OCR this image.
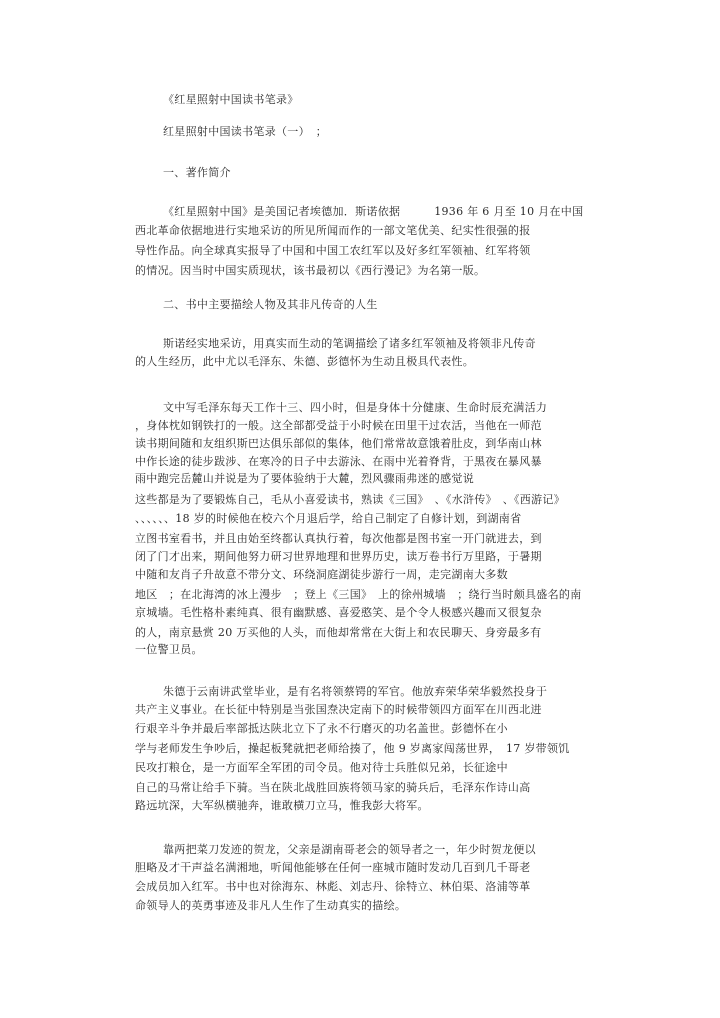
《红星照射中国读书笔录》
红星照射中国读书笔录（一）　；
一、著作简介
《红星照射中国》是美国记者埃德加．斯诺依据　　　1936 年 6 月至 10 月在中国
西北革命依据地进行实地采访的所见所闻而作的一部文笔优美、纪实性很强的报
导性作品。向全球真实报导了中国和中国工农红军以及好多红军领袖、红军将领
的情况。因当时中国实质现状，该书最初以《西行漫记》为名第一版。
二、书中主要描绘人物及其非凡传奇的人生
斯诺经实地采访，用真实而生动的笔调描绘了诸多红军领袖及将领非凡传奇
的人生经历，此中尤以毛泽东、朱德、彭德怀为生动且极具代表性。
文中写毛泽东每天工作十三、四小时，但是身体十分健康、生命时辰充满活力
，身体枕如钢铁打的一般。这全部都受益于小时候在田里干过农活，当他在一师范
读书期间随和友组织斯巴达俱乐部似的集体，他们常常故意饿着肚皮，到华南山林
中作长途的徒步跋涉、在寒冷的日子中去游泳、在雨中光着脊背，于黑夜在暴风暴
雨中跑完岳麓山并说是为了要体验纳于大麓，烈风骤雨弗迷的感觉说
这些都是为了要锻炼自己，毛从小喜爱读书，熟读《三国》　、《水浒传》　、《西游记》
、、、、、、18 岁的时候他在校六个月退后学，给自己制定了自修计划，到湖南省
立图书室看书，并且由始至终都认真执行着，每次他都是图书室一开门就进去，到
闭了门才出来，期间他努力研习世界地理和世界历史，读万卷书行万里路，于暑期
中随和友肖子升故意不带分文、环绕洞庭湖徒步游行一周，走完湖南大多数
地区　；在北海湾的冰上漫步　；登上《三国》　上的徐州城墙　；绕行当时颇具盛名的南
京城墙。毛性格朴素纯真、很有幽默感、喜爱憨笑、是个令人极感兴趣而又很复杂
的人，南京悬赏 20 万买他的人头，而他却常常在大街上和农民聊天、身旁最多有
一位警卫员。
朱德于云南讲武堂毕业，是有名将领蔡锷的军官。他放弃荣华荣华毅然投身于
共产主义事业。在长征中特别是当张国焘决定南下的时候带领四方面军在川西北进
行艰辛斗争并最后率部抵达陕北立下了永不行磨灭的功名盖世。彭德怀在小
学与老师发生争吵后，操起板凳就把老师给揍了，他 9 岁离家闯荡世界，　17 岁带领饥
民攻打粮仓，是一方面军全军团的司令员。他对待士兵胜似兄弟，长征途中
自己的马常让给手下骑。当在陕北战胜回族将领马家的骑兵后，毛泽东作诗山高
路远坑深，大军纵横驰奔，谁敢横刀立马，惟我彭大将军。
靠两把菜刀发迹的贺龙，父亲是湖南哥老会的领导者之一，年少时贺龙便以
胆略及才干声益名满湘地，听闻他能够在任何一座城市随时发动几百到几千哥老
会成员加入红军。书中也对徐海东、林彪、刘志丹、徐特立、林伯渠、洛浦等革
命领导人的英勇事迹及非凡人生作了生动真实的描绘。
